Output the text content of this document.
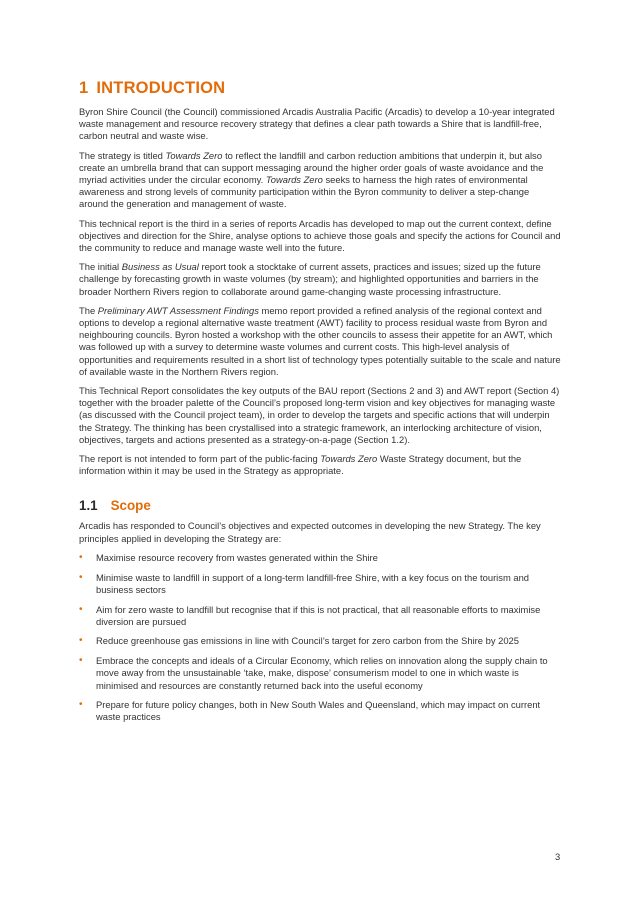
1 INTRODUCTION

Byron Shire Council (the Council) commissioned Arcadis Australia Pacific (Arcadis) to develop a 10-year integrated waste management and resource recovery strategy that defines a clear path towards a Shire that is landfill-free, carbon neutral and waste wise.

The strategy is titled Towards Zero to reflect the landfill and carbon reduction ambitions that underpin it, but also create an umbrella brand that can support messaging around the higher order goals of waste avoidance and the myriad activities under the circular economy. Towards Zero seeks to harness the high rates of environmental awareness and strong levels of community participation within the Byron community to deliver a step-change around the generation and management of waste.

This technical report is the third in a series of reports Arcadis has developed to map out the current context, define objectives and direction for the Shire, analyse options to achieve those goals and specify the actions for Council and the community to reduce and manage waste well into the future.

The initial Business as Usual report took a stocktake of current assets, practices and issues; sized up the future challenge by forecasting growth in waste volumes (by stream); and highlighted opportunities and barriers in the broader Northern Rivers region to collaborate around game-changing waste processing infrastructure.

The Preliminary AWT Assessment Findings memo report provided a refined analysis of the regional context and options to develop a regional alternative waste treatment (AWT) facility to process residual waste from Byron and neighbouring councils. Byron hosted a workshop with the other councils to assess their appetite for an AWT, which was followed up with a survey to determine waste volumes and current costs. This high-level analysis of opportunities and requirements resulted in a short list of technology types potentially suitable to the scale and nature of available waste in the Northern Rivers region.

This Technical Report consolidates the key outputs of the BAU report (Sections 2 and 3) and AWT report (Section 4) together with the broader palette of the Council’s proposed long-term vision and key objectives for managing waste (as discussed with the Council project team), in order to develop the targets and specific actions that will underpin the Strategy. The thinking has been crystallised into a strategic framework, an interlocking architecture of vision, objectives, targets and actions presented as a strategy-on-a-page (Section 1.2).

The report is not intended to form part of the public-facing Towards Zero Waste Strategy document, but the information within it may be used in the Strategy as appropriate.

1.1 Scope

Arcadis has responded to Council’s objectives and expected outcomes in developing the new Strategy. The key principles applied in developing the Strategy are:

• Maximise resource recovery from wastes generated within the Shire
• Minimise waste to landfill in support of a long-term landfill-free Shire, with a key focus on the tourism and business sectors
• Aim for zero waste to landfill but recognise that if this is not practical, that all reasonable efforts to maximise diversion are pursued
• Reduce greenhouse gas emissions in line with Council’s target for zero carbon from the Shire by 2025
• Embrace the concepts and ideals of a Circular Economy, which relies on innovation along the supply chain to move away from the unsustainable ‘take, make, dispose’ consumerism model to one in which waste is minimised and resources are constantly returned back into the useful economy
• Prepare for future policy changes, both in New South Wales and Queensland, which may impact on current waste practices
3
